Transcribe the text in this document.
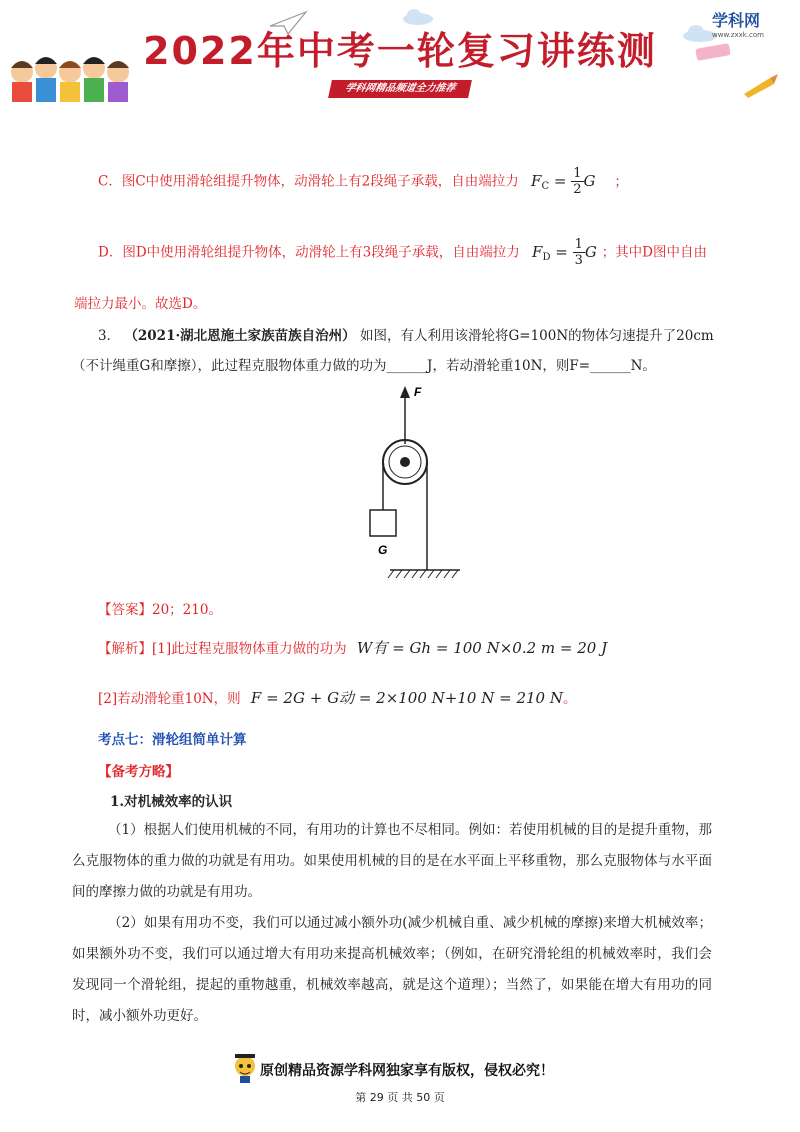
2022年中考一轮复习讲练测
学科网精品频道全力推荐
学科网
www.zxxk.com
C．图C中使用滑轮组提升物体，动滑轮上有2段绳子承载，自由端拉力 $F_C = \frac{1}{2}$ G ；
D．图D中使用滑轮组提升物体，动滑轮上有3段绳子承载，自由端拉力 $F_D = \frac{1}{3}$ G ；其中D图中自由
端拉力最小。故选D。
3． （2021·湖北恩施土家族苗族自治州） 如图，有人利用该滑轮将G=100N的物体匀速提升了20cm
（不计绳重G和摩擦），此过程克服物体重力做的功为______J，若动滑轮重10N，则F=______N。
F
G
【答案】20；210。
【解析】[1]此过程克服物体重力做的功为 W有 = Gh = 100 N×0.2 m = 20 J
[2]若动滑轮重10N，则 F = 2G + G动 = 2×100 N+10 N = 210 N。
考点七：滑轮组简单计算
【备考方略】
1.对机械效率的认识
（1）根据人们使用机械的不同，有用功的计算也不尽相同。例如：若使用机械的目的是提升重物，那么克服物体的重力做的功就是有用功。如果使用机械的目的是在水平面上平移重物，那么克服物体与水平面间的摩擦力做的功就是有用功。
（2）如果有用功不变，我们可以通过减小额外功(减少机械自重、减少机械的摩擦)来增大机械效率；如果额外功不变，我们可以通过增大有用功来提高机械效率；（例如，在研究滑轮组的机械效率时，我们会发现同一个滑轮组，提起的重物越重，机械效率越高，就是这个道理）；当然了，如果能在增大有用功的同时，减小额外功更好。
原创精品资源学科网独家享有版权，侵权必究！
第 29 页 共 50 页
